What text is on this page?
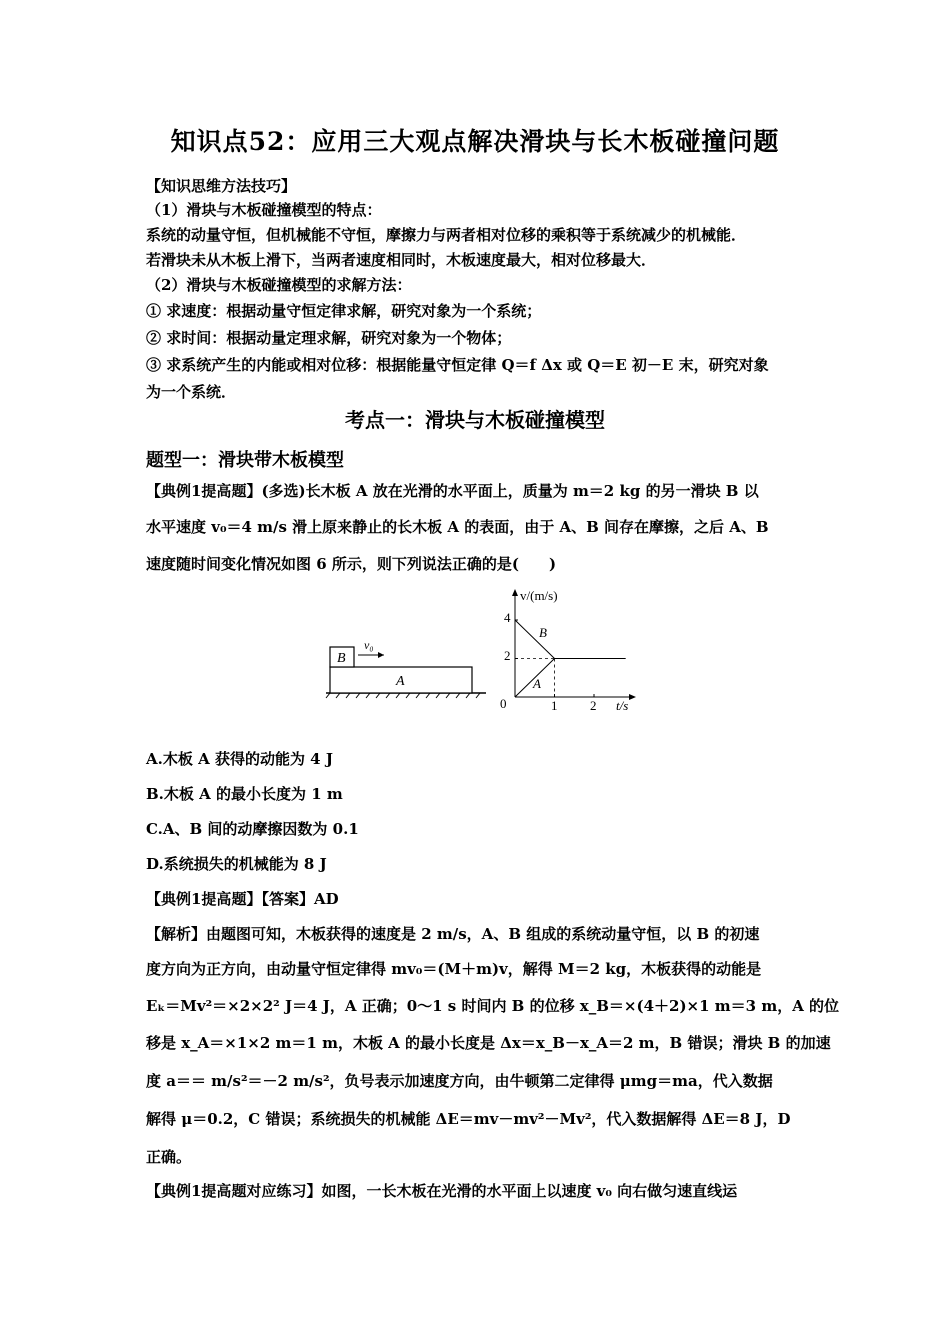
知识点52：应用三大观点解决滑块与长木板碰撞问题
【知识思维方法技巧】
（1）滑块与木板碰撞模型的特点：
系统的动量守恒，但机械能不守恒，摩擦力与两者相对位移的乘积等于系统减少的机械能．
若滑块未从木板上滑下，当两者速度相同时，木板速度最大，相对位移最大．
（2）滑块与木板碰撞模型的求解方法：
① 求速度：根据动量守恒定律求解，研究对象为一个系统；
② 求时间：根据动量定理求解，研究对象为一个物体；
③ 求系统产生的内能或相对位移：根据能量守恒定律 Q＝f Δx 或 Q＝E 初－E 末，研究对象
为一个系统．
考点一：滑块与木板碰撞模型
题型一：滑块带木板模型
【典例1提高题】(多选)长木板 A 放在光滑的水平面上，质量为 m＝2 kg 的另一滑块 B 以
水平速度 v₀＝4 m/s 滑上原来静止的长木板 A 的表面，由于 A、B 间存在摩擦，之后 A、B
速度随时间变化情况如图 6 所示，则下列说法正确的是(　　)
A
B
v₀
v/(m/s)
t/s
0
4
2
1	2
B
A
A.木板 A 获得的动能为 4 J
B.木板 A 的最小长度为 1 m
C.A、B 间的动摩擦因数为 0.1
D.系统损失的机械能为 8 J
【典例1提高题】【答案】AD
【解析】由题图可知，木板获得的速度是 2 m/s，A、B 组成的系统动量守恒，以 B 的初速
度方向为正方向，由动量守恒定律得 mv₀＝(M＋m)v，解得 M＝2 kg，木板获得的动能是
Eₖ＝Mv²＝×2×2² J＝4 J，A 正确；0～1 s 时间内 B 的位移 x_B＝×(4＋2)×1 m＝3 m，A 的位
移是 x_A＝×1×2 m＝1 m，木板 A 的最小长度是 Δx＝x_B－x_A＝2 m，B 错误；滑块 B 的加速
度 a＝＝ m/s²＝－2 m/s²，负号表示加速度方向，由牛顿第二定律得 μmg＝ma，代入数据
解得 μ＝0.2，C 错误；系统损失的机械能 ΔE＝mv－mv²－Mv²，代入数据解得 ΔE＝8 J，D
正确。
【典例1提高题对应练习】如图，一长木板在光滑的水平面上以速度 v₀ 向右做匀速直线运
